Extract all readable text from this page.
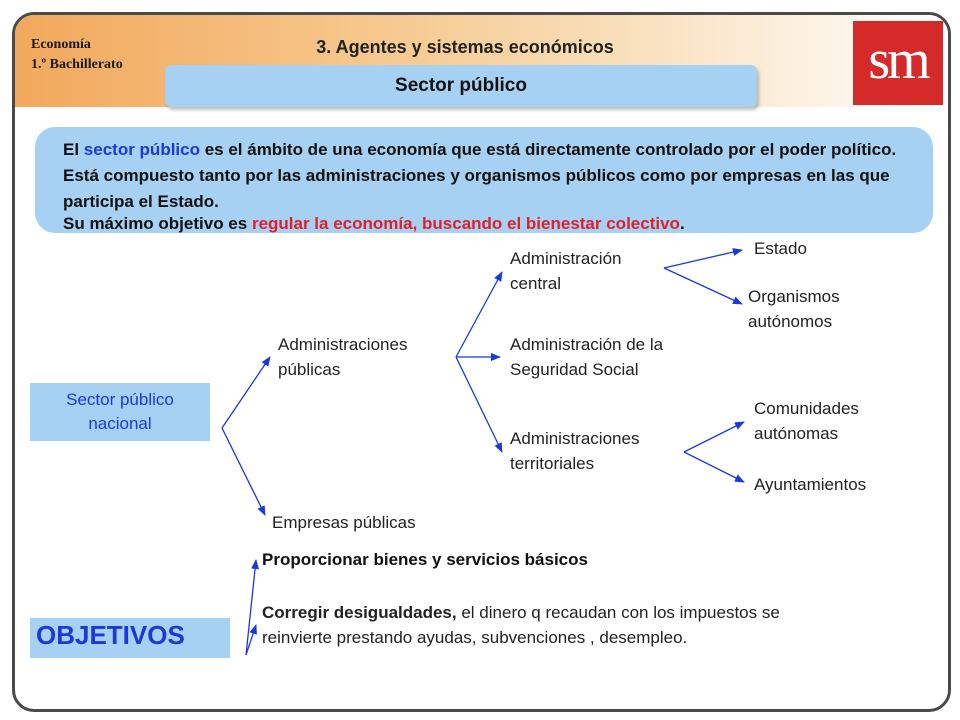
Economía
1.º Bachillerato
3. Agentes y sistemas económicos	sm
Sector público

El sector público es el ámbito de una economía que está directamente controlado por el poder político. Está compuesto tanto por las administraciones y organismos públicos como por empresas en las que participa el Estado.

Su máximo objetivo es regular la economía, buscando el bienestar colectivo.

Sector público
nacional
Administraciones
públicas
Empresas públicas
Administración
central
Administración de la
Seguridad Social
Administraciones
territoriales
Estado
Organismos
autónomos
Comunidades
autónomas
Ayuntamientos
OBJETIVOS
Proporcionar bienes y servicios básicos
Corregir desigualdades, el dinero q recaudan con los impuestos se
reinvierte prestando ayudas, subvenciones , desempleo.
